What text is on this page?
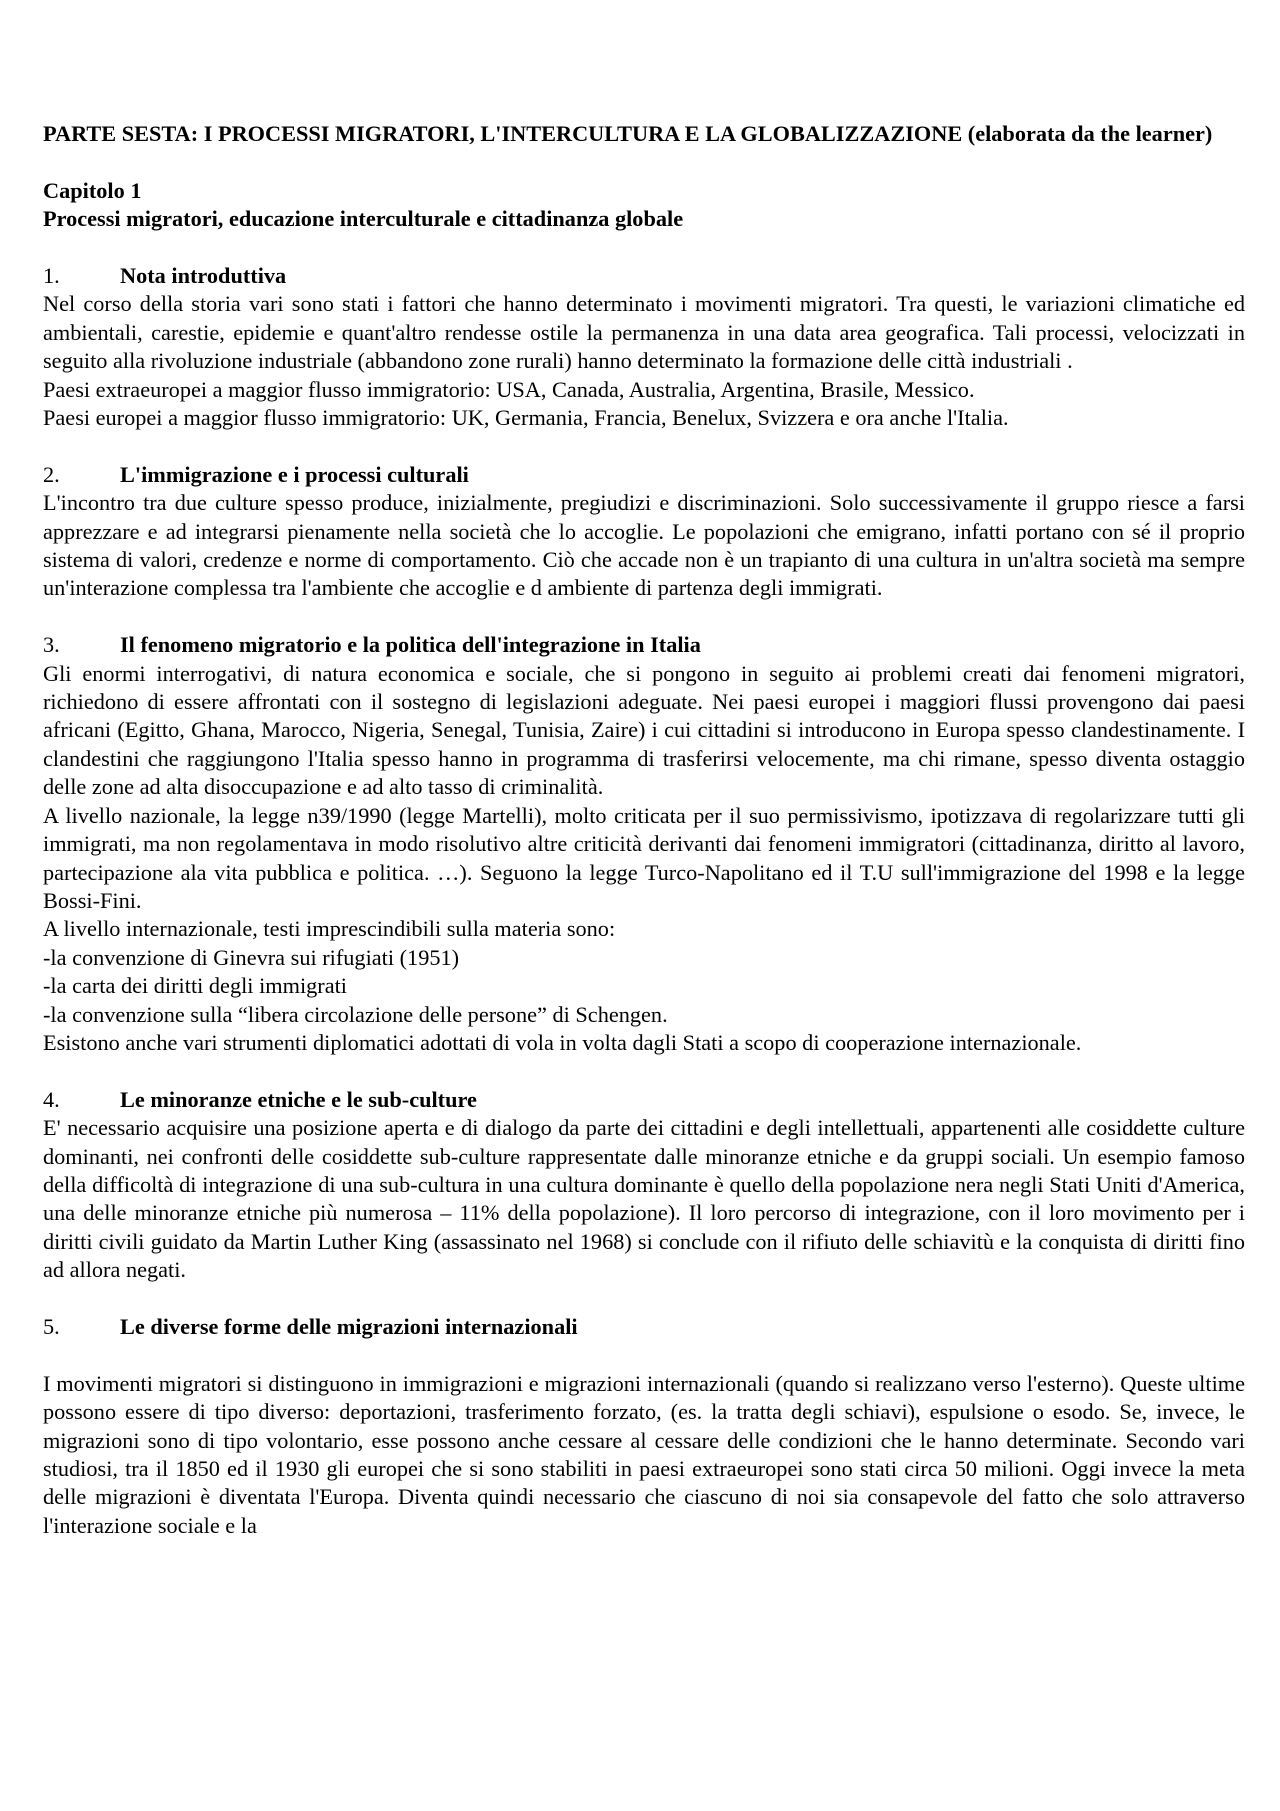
PARTE SESTA: I PROCESSI MIGRATORI, L'INTERCULTURA E LA GLOBALIZZAZIONE (elaborata da the learner)

Capitolo 1

Processi migratori, educazione interculturale e cittadinanza globale

1.	Nota introduttiva

Nel corso della storia vari sono stati i fattori che hanno determinato i movimenti migratori. Tra questi, le variazioni climatiche ed ambientali, carestie, epidemie e quant'altro rendesse ostile la permanenza in una data area geografica. Tali processi, velocizzati in seguito alla rivoluzione industriale (abbandono zone rurali) hanno determinato la formazione delle città industriali .

Paesi extraeuropei a maggior flusso immigratorio: USA, Canada, Australia, Argentina, Brasile, Messico.

Paesi europei a maggior flusso immigratorio: UK, Germania, Francia, Benelux, Svizzera e ora anche l'Italia.

2.	L'immigrazione e i processi culturali

L'incontro tra due culture spesso produce, inizialmente, pregiudizi e discriminazioni. Solo successivamente il gruppo riesce a farsi apprezzare e ad integrarsi pienamente nella società che lo accoglie. Le popolazioni che emigrano, infatti portano con sé il proprio sistema di valori, credenze e norme di comportamento. Ciò che accade non è un trapianto di una cultura in un'altra società ma sempre un'interazione complessa tra l'ambiente che accoglie e d ambiente di partenza degli immigrati.

3.	Il fenomeno migratorio e la politica dell'integrazione in Italia

Gli enormi interrogativi, di natura economica e sociale, che si pongono in seguito ai problemi creati dai fenomeni migratori, richiedono di essere affrontati con il sostegno di legislazioni adeguate. Nei paesi europei i maggiori flussi provengono dai paesi africani (Egitto, Ghana, Marocco, Nigeria, Senegal, Tunisia, Zaire) i cui cittadini si introducono in Europa spesso clandestinamente. I clandestini che raggiungono l'Italia spesso hanno in programma di trasferirsi velocemente, ma chi rimane, spesso diventa ostaggio delle zone ad alta disoccupazione e ad alto tasso di criminalità.

A livello nazionale, la legge n39/1990 (legge Martelli), molto criticata per il suo permissivismo, ipotizzava di regolarizzare tutti gli immigrati, ma non regolamentava in modo risolutivo altre criticità derivanti dai fenomeni immigratori (cittadinanza, diritto al lavoro, partecipazione ala vita pubblica e politica. …). Seguono la legge Turco-Napolitano ed il T.U sull'immigrazione del 1998 e la legge Bossi-Fini.

A livello internazionale, testi imprescindibili sulla materia sono:

-la convenzione di Ginevra sui rifugiati (1951)

-la carta dei diritti degli immigrati

-la convenzione sulla “libera circolazione delle persone” di Schengen.

Esistono anche vari strumenti diplomatici adottati di vola in volta dagli Stati a scopo di cooperazione internazionale.

4.	Le minoranze etniche e le sub-culture

E' necessario acquisire una posizione aperta e di dialogo da parte dei cittadini e degli intellettuali, appartenenti alle cosiddette culture dominanti, nei confronti delle cosiddette sub-culture rappresentate dalle minoranze etniche e da gruppi sociali. Un esempio famoso della difficoltà di integrazione di una sub-cultura in una cultura dominante è quello della popolazione nera negli Stati Uniti d'America, una delle minoranze etniche più numerosa – 11% della popolazione). Il loro percorso di integrazione, con il loro movimento per i diritti civili guidato da Martin Luther King (assassinato nel 1968) si conclude con il rifiuto delle schiavitù e la conquista di diritti fino ad allora negati.

5.	Le diverse forme delle migrazioni internazionali

I movimenti migratori si distinguono in immigrazioni e migrazioni internazionali (quando si realizzano verso l'esterno). Queste ultime possono essere di tipo diverso: deportazioni, trasferimento forzato, (es. la tratta degli schiavi), espulsione o esodo. Se, invece, le migrazioni sono di tipo volontario, esse possono anche cessare al cessare delle condizioni che le hanno determinate. Secondo vari studiosi, tra il 1850 ed il 1930 gli europei che si sono stabiliti in paesi extraeuropei sono stati circa 50 milioni. Oggi invece la meta delle migrazioni è diventata l'Europa. Diventa quindi necessario che ciascuno di noi sia consapevole del fatto che solo attraverso l'interazione sociale e la
